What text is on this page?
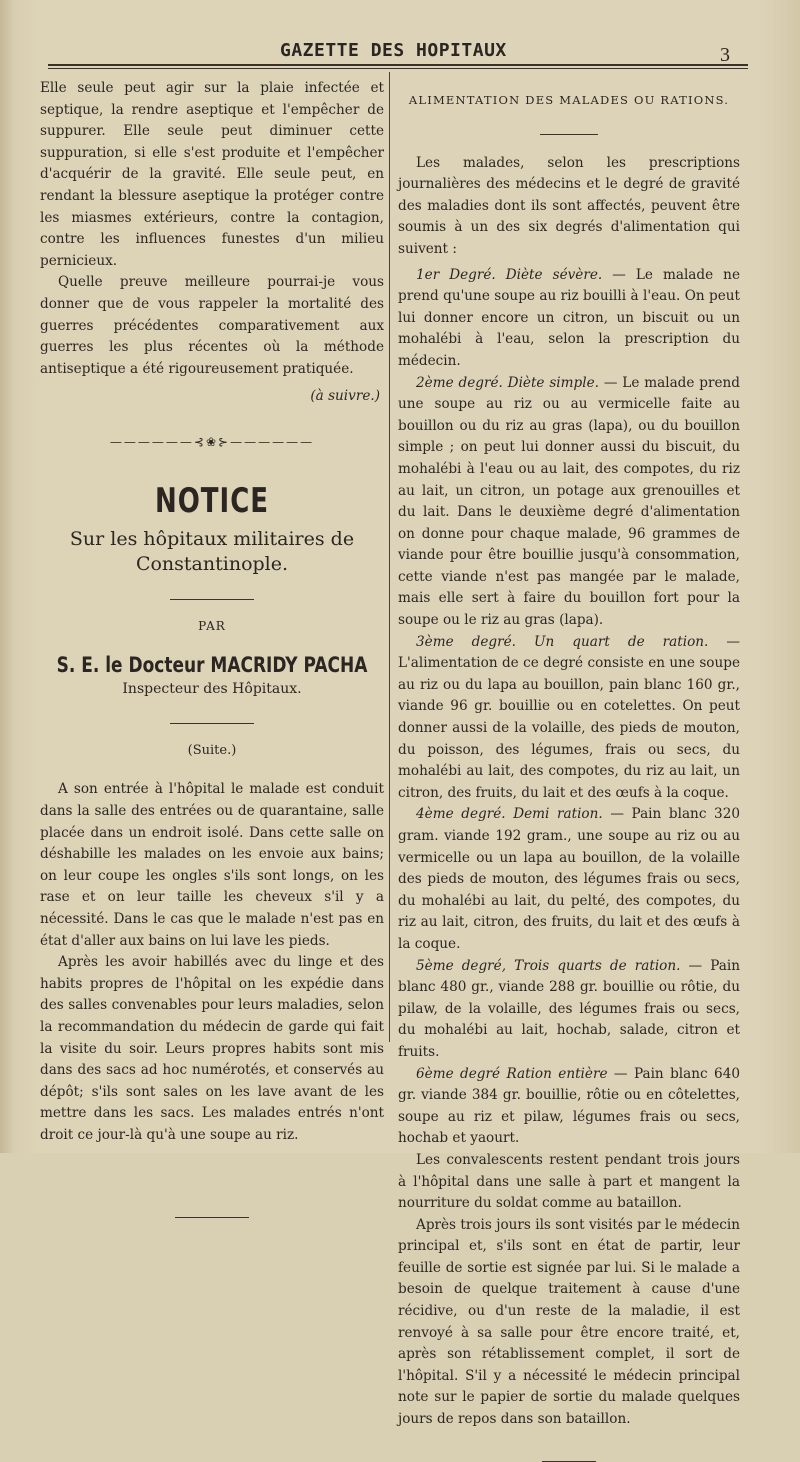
GAZETTE DES HOPITAUX	3

Elle seule peut agir sur la plaie infectée et septique, la rendre aseptique et l'empêcher de suppurer. Elle seule peut diminuer cette suppuration, si elle s'est produite et l'empêcher d'acquérir de la gravité. Elle seule peut, en rendant la blessure aseptique la protéger contre les miasmes extérieurs, contre la contagion, contre les influences funestes d'un milieu pernicieux.

Quelle preuve meilleure pourrai-je vous donner que de vous rappeler la mortalité des guerres précédentes comparativement aux guerres les plus récentes où la méthode antiseptique a été rigoureusement pratiquée.

(à suivre.)

——————⊰❀⊱——————
NOTICE
Sur les hôpitaux militaires de
Constantinople.
PAR
S. E. le Docteur MACRIDY PACHA
Inspecteur des Hôpitaux.
(Suite.)

A son entrée à l'hôpital le malade est conduit dans la salle des entrées ou de quarantaine, salle placée dans un endroit isolé. Dans cette salle on déshabille les malades on les envoie aux bains; on leur coupe les ongles s'ils sont longs, on les rase et on leur taille les cheveux s'il y a nécessité. Dans le cas que le malade n'est pas en état d'aller aux bains on lui lave les pieds.

Après les avoir habillés avec du linge et des habits propres de l'hôpital on les expédie dans des salles convenables pour leurs maladies, selon la recommandation du médecin de garde qui fait la visite du soir. Leurs propres habits sont mis dans des sacs ad hoc numérotés, et conservés au dépôt; s'ils sont sales on les lave avant de les mettre dans les sacs. Les malades entrés n'ont droit ce jour-là qu'à une soupe au riz.

ALIMENTATION DES MALADES OU RATIONS.

Les malades, selon les prescriptions journalières des médecins et le degré de gravité des maladies dont ils sont affectés, peuvent être soumis à un des six degrés d'alimentation qui suivent :

1er Degré. Diète sévère. — Le malade ne prend qu'une soupe au riz bouilli à l'eau. On peut lui donner encore un citron, un biscuit ou un mohalébi à l'eau, selon la prescription du médecin.

2ème degré. Diète simple. — Le malade prend une soupe au riz ou au vermicelle faite au bouillon ou du riz au gras (lapa), ou du bouillon simple ; on peut lui donner aussi du biscuit, du mohalébi à l'eau ou au lait, des compotes, du riz au lait, un citron, un potage aux grenouilles et du lait. Dans le deuxième degré d'alimentation on donne pour chaque malade, 96 grammes de viande pour être bouillie jusqu'à consommation, cette viande n'est pas mangée par le malade, mais elle sert à faire du bouillon fort pour la soupe ou le riz au gras (lapa).

3ème degré. Un quart de ration. — L'alimentation de ce degré consiste en une soupe au riz ou du lapa au bouillon, pain blanc 160 gr., viande 96 gr. bouillie ou en cotelettes. On peut donner aussi de la volaille, des pieds de mouton, du poisson, des légumes, frais ou secs, du mohalébi au lait, des compotes, du riz au lait, un citron, des fruits, du lait et des œufs à la coque.

4ème degré. Demi ration. — Pain blanc 320 gram. viande 192 gram., une soupe au riz ou au vermicelle ou un lapa au bouillon, de la volaille des pieds de mouton, des légumes frais ou secs, du mohalébi au lait, du pelté, des compotes, du riz au lait, citron, des fruits, du lait et des œufs à la coque.

5ème degré, Trois quarts de ration. — Pain blanc 480 gr., viande 288 gr. bouillie ou rôtie, du pilaw, de la volaille, des légumes frais ou secs, du mohalébi au lait, hochab, salade, citron et fruits.

6ème degré Ration entière — Pain blanc 640 gr. viande 384 gr. bouillie, rôtie ou en côtelettes, soupe au riz et pilaw, légumes frais ou secs, hochab et yaourt.

Les convalescents restent pendant trois jours à l'hôpital dans une salle à part et mangent la nourriture du soldat comme au bataillon.

Après trois jours ils sont visités par le médecin principal et, s'ils sont en état de partir, leur feuille de sortie est signée par lui. Si le malade a besoin de quelque traitement à cause d'une récidive, ou d'un reste de la maladie, il est renvoyé à sa salle pour être encore traité, et, après son rétablissement complet, il sort de l'hôpital. S'il y a nécessité le médecin principal note sur le papier de sortie du malade quelques jours de repos dans son bataillon.
